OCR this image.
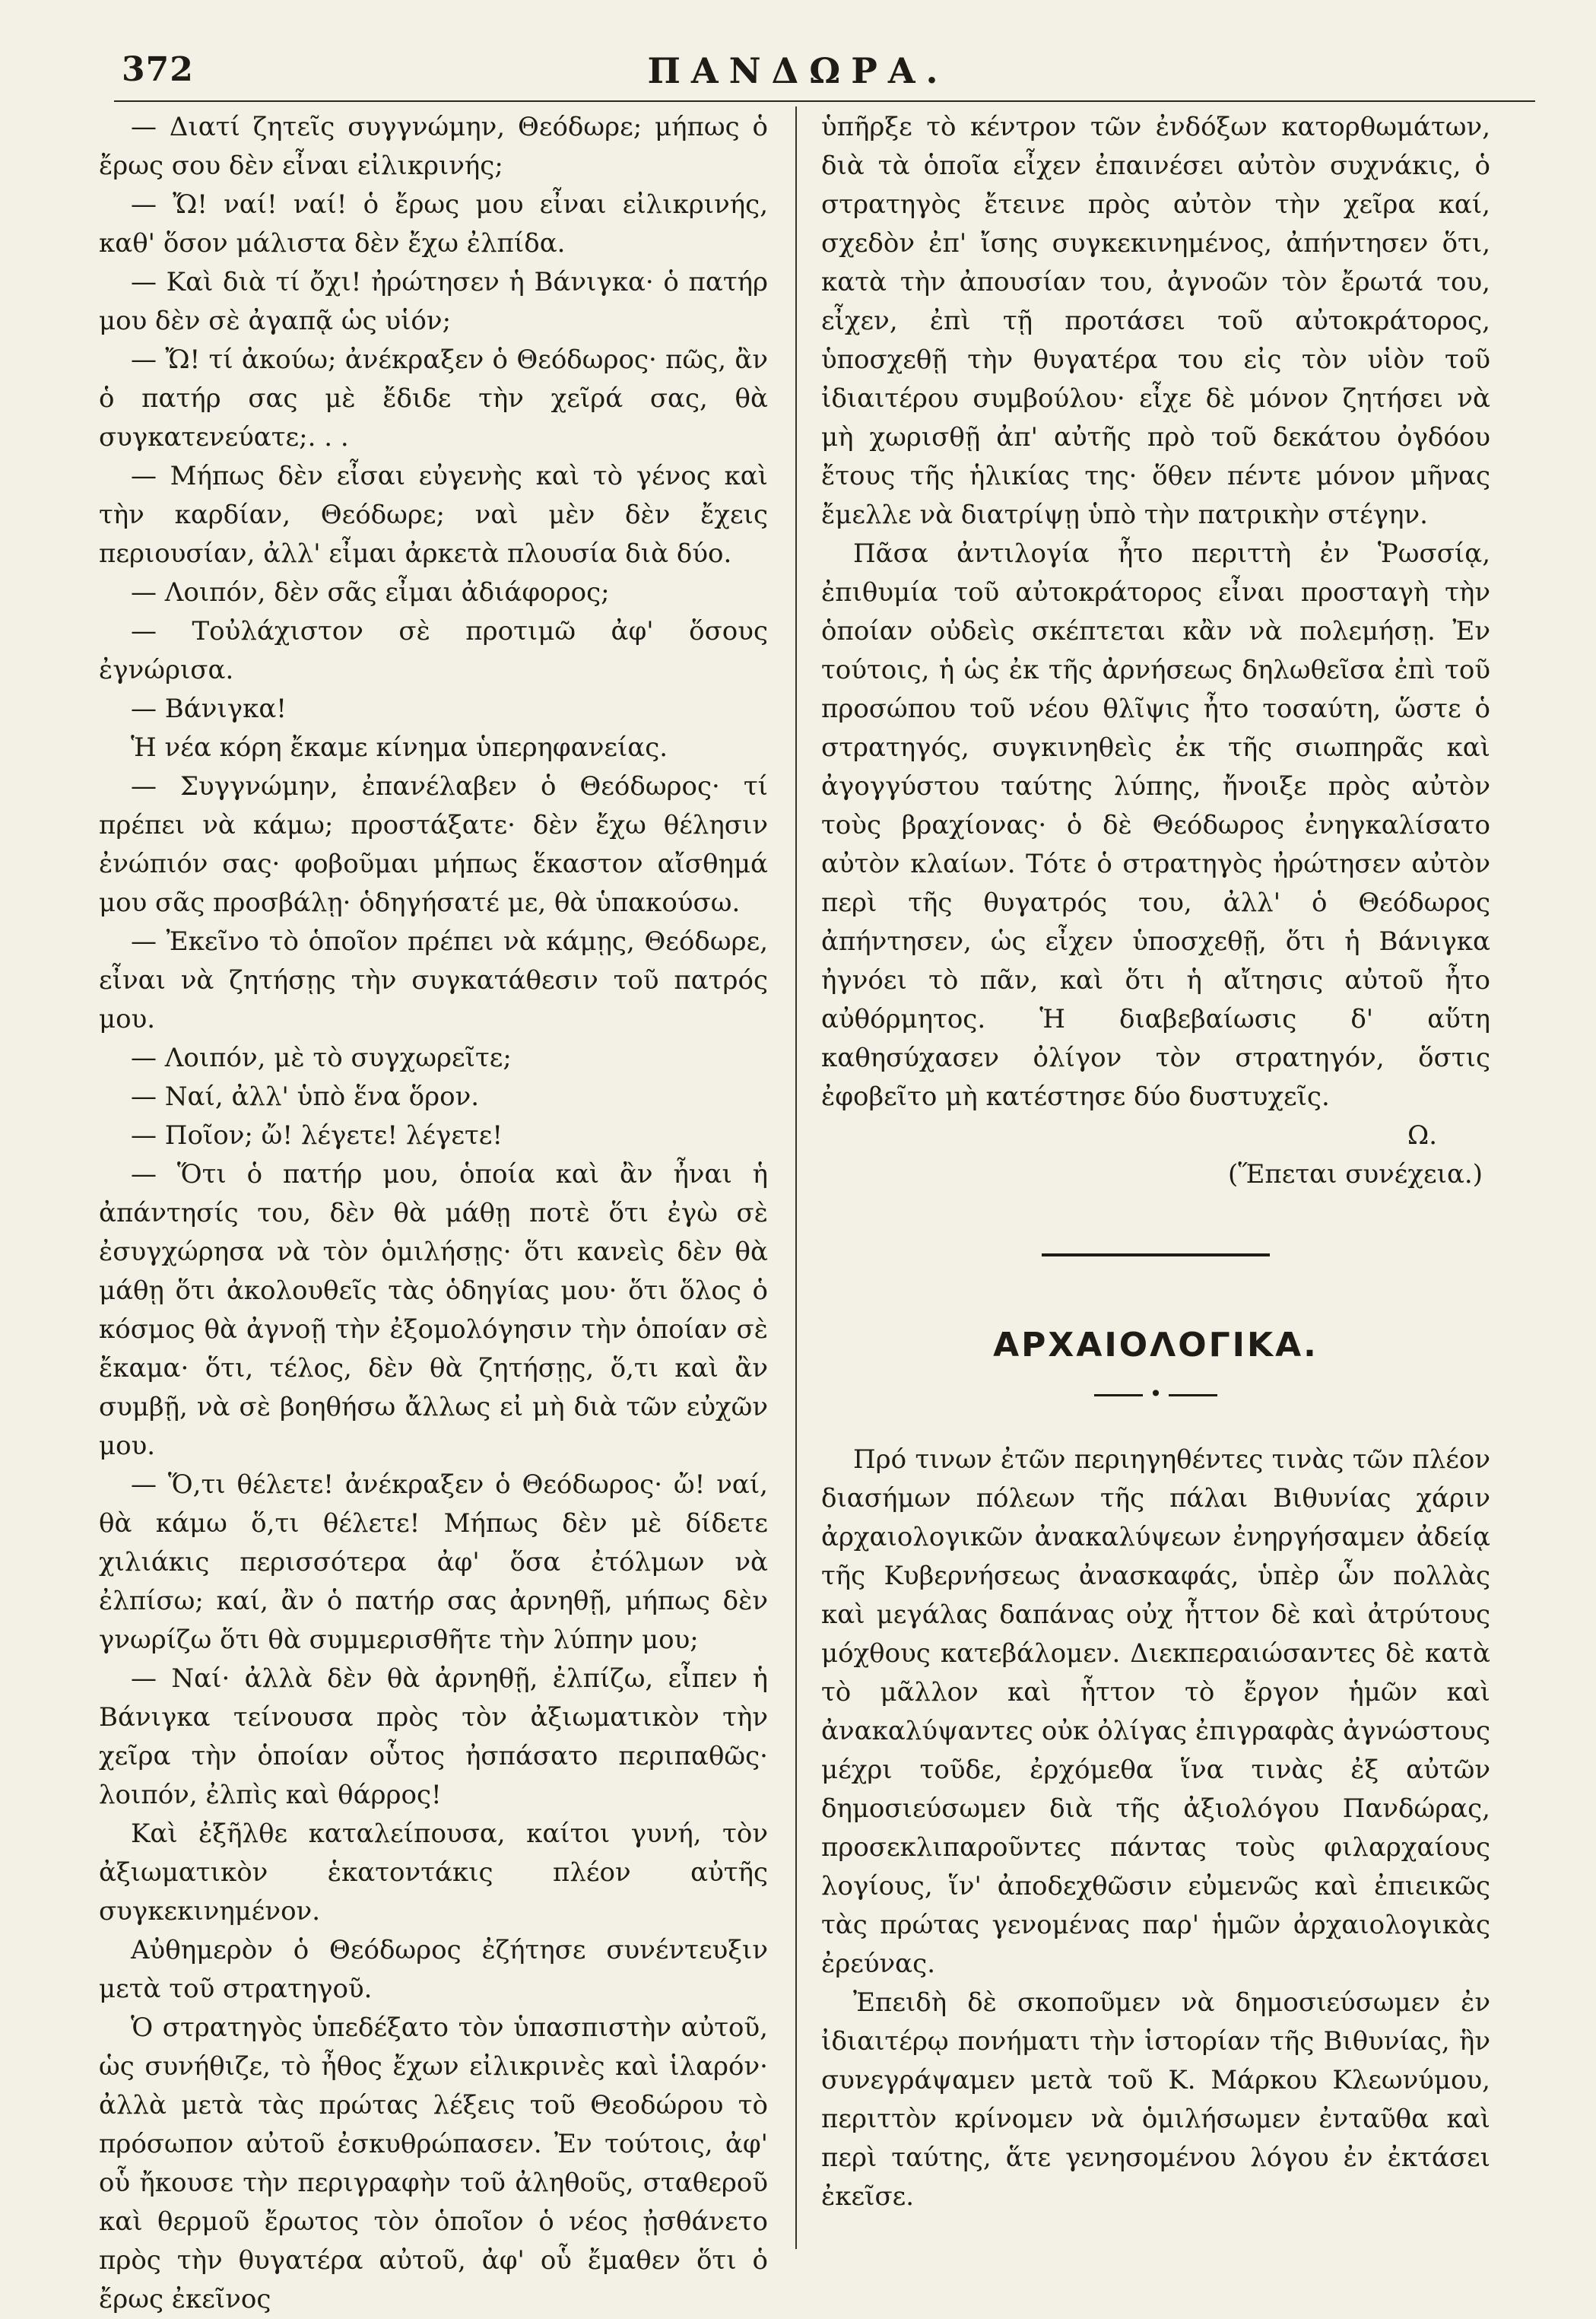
372	ΠΑΝΔΩΡΑ.

— Διατί ζητεῖς συγγνώμην, Θεόδωρε; μήπως ὁ ἔρως σου δὲν εἶναι εἰλικρινής;

— Ὤ! ναί! ναί! ὁ ἔρως μου εἶναι εἰλικρινής, καθ' ὅσον μάλιστα δὲν ἔχω ἐλπίδα.

— Καὶ διὰ τί ὄχι! ἠρώτησεν ἡ Βάνιγκα· ὁ πατήρ μου δὲν σὲ ἀγαπᾷ ὡς υἱόν;

— Ὤ! τί ἀκούω; ἀνέκραξεν ὁ Θεόδωρος· πῶς, ἂν ὁ πατήρ σας μὲ ἔδιδε τὴν χεῖρά σας, θὰ συγκατενεύατε;. . .

— Μήπως δὲν εἶσαι εὐγενὴς καὶ τὸ γένος καὶ τὴν καρδίαν, Θεόδωρε; ναὶ μὲν δὲν ἔχεις περιουσίαν, ἀλλ' εἶμαι ἀρκετὰ πλουσία διὰ δύο.

— Λοιπόν, δὲν σᾶς εἶμαι ἀδιάφορος;

— Τοὐλάχιστον σὲ προτιμῶ ἀφ' ὅσους ἐγνώρισα.

— Βάνιγκα!

Ἡ νέα κόρη ἔκαμε κίνημα ὑπερηφανείας.

— Συγγνώμην, ἐπανέλαβεν ὁ Θεόδωρος· τί πρέπει νὰ κάμω; προστάξατε· δὲν ἔχω θέλησιν ἐνώπιόν σας· φοβοῦμαι μήπως ἕκαστον αἴσθημά μου σᾶς προσβάλῃ· ὁδηγήσατέ με, θὰ ὑπακούσω.

— Ἐκεῖνο τὸ ὁποῖον πρέπει νὰ κάμῃς, Θεόδωρε, εἶναι νὰ ζητήσῃς τὴν συγκατάθεσιν τοῦ πατρός μου.

— Λοιπόν, μὲ τὸ συγχωρεῖτε;

— Ναί, ἀλλ' ὑπὸ ἕνα ὅρον.

— Ποῖον; ὤ! λέγετε! λέγετε!

— Ὅτι ὁ πατήρ μου, ὁποία καὶ ἂν ἦναι ἡ ἀπάντησίς του, δὲν θὰ μάθῃ ποτὲ ὅτι ἐγὼ σὲ ἐσυγχώρησα νὰ τὸν ὁμιλήσῃς· ὅτι κανεὶς δὲν θὰ μάθῃ ὅτι ἀκολουθεῖς τὰς ὁδηγίας μου· ὅτι ὅλος ὁ κόσμος θὰ ἀγνοῇ τὴν ἐξομολόγησιν τὴν ὁποίαν σὲ ἔκαμα· ὅτι, τέλος, δὲν θὰ ζητήσῃς, ὅ,τι καὶ ἂν συμβῇ, νὰ σὲ βοηθήσω ἄλλως εἰ μὴ διὰ τῶν εὐχῶν μου.

— Ὅ,τι θέλετε! ἀνέκραξεν ὁ Θεόδωρος· ὤ! ναί, θὰ κάμω ὅ,τι θέλετε! Μήπως δὲν μὲ δίδετε χιλιάκις περισσότερα ἀφ' ὅσα ἐτόλμων νὰ ἐλπίσω; καί, ἂν ὁ πατήρ σας ἀρνηθῇ, μήπως δὲν γνωρίζω ὅτι θὰ συμμερισθῆτε τὴν λύπην μου;

— Ναί· ἀλλὰ δὲν θὰ ἀρνηθῇ, ἐλπίζω, εἶπεν ἡ Βάνιγκα τείνουσα πρὸς τὸν ἀξιωματικὸν τὴν χεῖρα τὴν ὁποίαν οὗτος ἠσπάσατο περιπαθῶς· λοιπόν, ἐλπὶς καὶ θάρρος!

Καὶ ἐξῆλθε καταλείπουσα, καίτοι γυνή, τὸν ἀξιωματικὸν ἑκατοντάκις πλέον αὐτῆς συγκεκινημένον.

Αὐθημερὸν ὁ Θεόδωρος ἐζήτησε συνέντευξιν μετὰ τοῦ στρατηγοῦ.

Ὁ στρατηγὸς ὑπεδέξατο τὸν ὑπασπιστὴν αὐτοῦ, ὡς συνήθιζε, τὸ ἦθος ἔχων εἰλικρινὲς καὶ ἱλαρόν· ἀλλὰ μετὰ τὰς πρώτας λέξεις τοῦ Θεοδώρου τὸ πρόσωπον αὐτοῦ ἐσκυθρώπασεν. Ἐν τούτοις, ἀφ' οὗ ἤκουσε τὴν περιγραφὴν τοῦ ἀληθοῦς, σταθεροῦ καὶ θερμοῦ ἔρωτος τὸν ὁποῖον ὁ νέος ᾐσθάνετο πρὸς τὴν θυγατέρα αὐτοῦ, ἀφ' οὗ ἔμαθεν ὅτι ὁ ἔρως ἐκεῖνος

ὑπῆρξε τὸ κέντρον τῶν ἐνδόξων κατορθωμάτων, διὰ τὰ ὁποῖα εἶχεν ἐπαινέσει αὐτὸν συχνάκις, ὁ στρατηγὸς ἔτεινε πρὸς αὐτὸν τὴν χεῖρα καί, σχεδὸν ἐπ' ἴσης συγκεκινημένος, ἀπήντησεν ὅτι, κατὰ τὴν ἀπουσίαν του, ἀγνοῶν τὸν ἔρωτά του, εἶχεν, ἐπὶ τῇ προτάσει τοῦ αὐτοκράτορος, ὑποσχεθῇ τὴν θυγατέρα του εἰς τὸν υἱὸν τοῦ ἰδιαιτέρου συμβούλου· εἶχε δὲ μόνον ζητήσει νὰ μὴ χωρισθῇ ἀπ' αὐτῆς πρὸ τοῦ δεκάτου ὀγδόου ἔτους τῆς ἡλικίας της· ὅθεν πέντε μόνον μῆνας ἔμελλε νὰ διατρίψῃ ὑπὸ τὴν πατρικὴν στέγην.

Πᾶσα ἀντιλογία ἦτο περιττὴ ἐν Ῥωσσίᾳ, ἐπιθυμία τοῦ αὐτοκράτορος εἶναι προσταγὴ τὴν ὁποίαν οὐδεὶς σκέπτεται κἂν νὰ πολεμήσῃ. Ἐν τούτοις, ἡ ὡς ἐκ τῆς ἀρνήσεως δηλωθεῖσα ἐπὶ τοῦ προσώπου τοῦ νέου θλῖψις ἦτο τοσαύτη, ὥστε ὁ στρατηγός, συγκινηθεὶς ἐκ τῆς σιωπηρᾶς καὶ ἀγογγύστου ταύτης λύπης, ἤνοιξε πρὸς αὐτὸν τοὺς βραχίονας· ὁ δὲ Θεόδωρος ἐνηγκαλίσατο αὐτὸν κλαίων. Τότε ὁ στρατηγὸς ἠρώτησεν αὐτὸν περὶ τῆς θυγατρός του, ἀλλ' ὁ Θεόδωρος ἀπήντησεν, ὡς εἶχεν ὑποσχεθῇ, ὅτι ἡ Βάνιγκα ἠγνόει τὸ πᾶν, καὶ ὅτι ἡ αἴτησις αὐτοῦ ἦτο αὐθόρμητος. Ἡ διαβεβαίωσις δ' αὕτη καθησύχασεν ὀλίγον τὸν στρατηγόν, ὅστις ἐφοβεῖτο μὴ κατέστησε δύο δυστυχεῖς.

Ω.

(Ἕπεται συνέχεια.)

ΑΡΧΑΙΟΛΟΓΙΚΑ.
•

Πρό τινων ἐτῶν περιηγηθέντες τινὰς τῶν πλέον διασήμων πόλεων τῆς πάλαι Βιθυνίας χάριν ἀρχαιολογικῶν ἀνακαλύψεων ἐνηργήσαμεν ἀδείᾳ τῆς Κυβερνήσεως ἀνασκαφάς, ὑπὲρ ὧν πολλὰς καὶ μεγάλας δαπάνας οὐχ ἧττον δὲ καὶ ἀτρύτους μόχθους κατεβάλομεν. Διεκπεραιώσαντες δὲ κατὰ τὸ μᾶλλον καὶ ἧττον τὸ ἔργον ἡμῶν καὶ ἀνακαλύψαντες οὐκ ὀλίγας ἐπιγραφὰς ἀγνώστους μέχρι τοῦδε, ἐρχόμεθα ἵνα τινὰς ἐξ αὐτῶν δημοσιεύσωμεν διὰ τῆς ἀξιολόγου Πανδώρας, προσεκλιπαροῦντες πάντας τοὺς φιλαρχαίους λογίους, ἵν' ἀποδεχθῶσιν εὐμενῶς καὶ ἐπιεικῶς τὰς πρώτας γενομένας παρ' ἡμῶν ἀρχαιολογικὰς ἐρεύνας.

Ἐπειδὴ δὲ σκοποῦμεν νὰ δημοσιεύσωμεν ἐν ἰδιαιτέρῳ πονήματι τὴν ἱστορίαν τῆς Βιθυνίας, ἣν συνεγράψαμεν μετὰ τοῦ Κ. Μάρκου Κλεωνύμου, περιττὸν κρίνομεν νὰ ὁμιλήσωμεν ἐνταῦθα καὶ περὶ ταύτης, ἅτε γενησομένου λόγου ἐν ἐκτάσει ἐκεῖσε.
